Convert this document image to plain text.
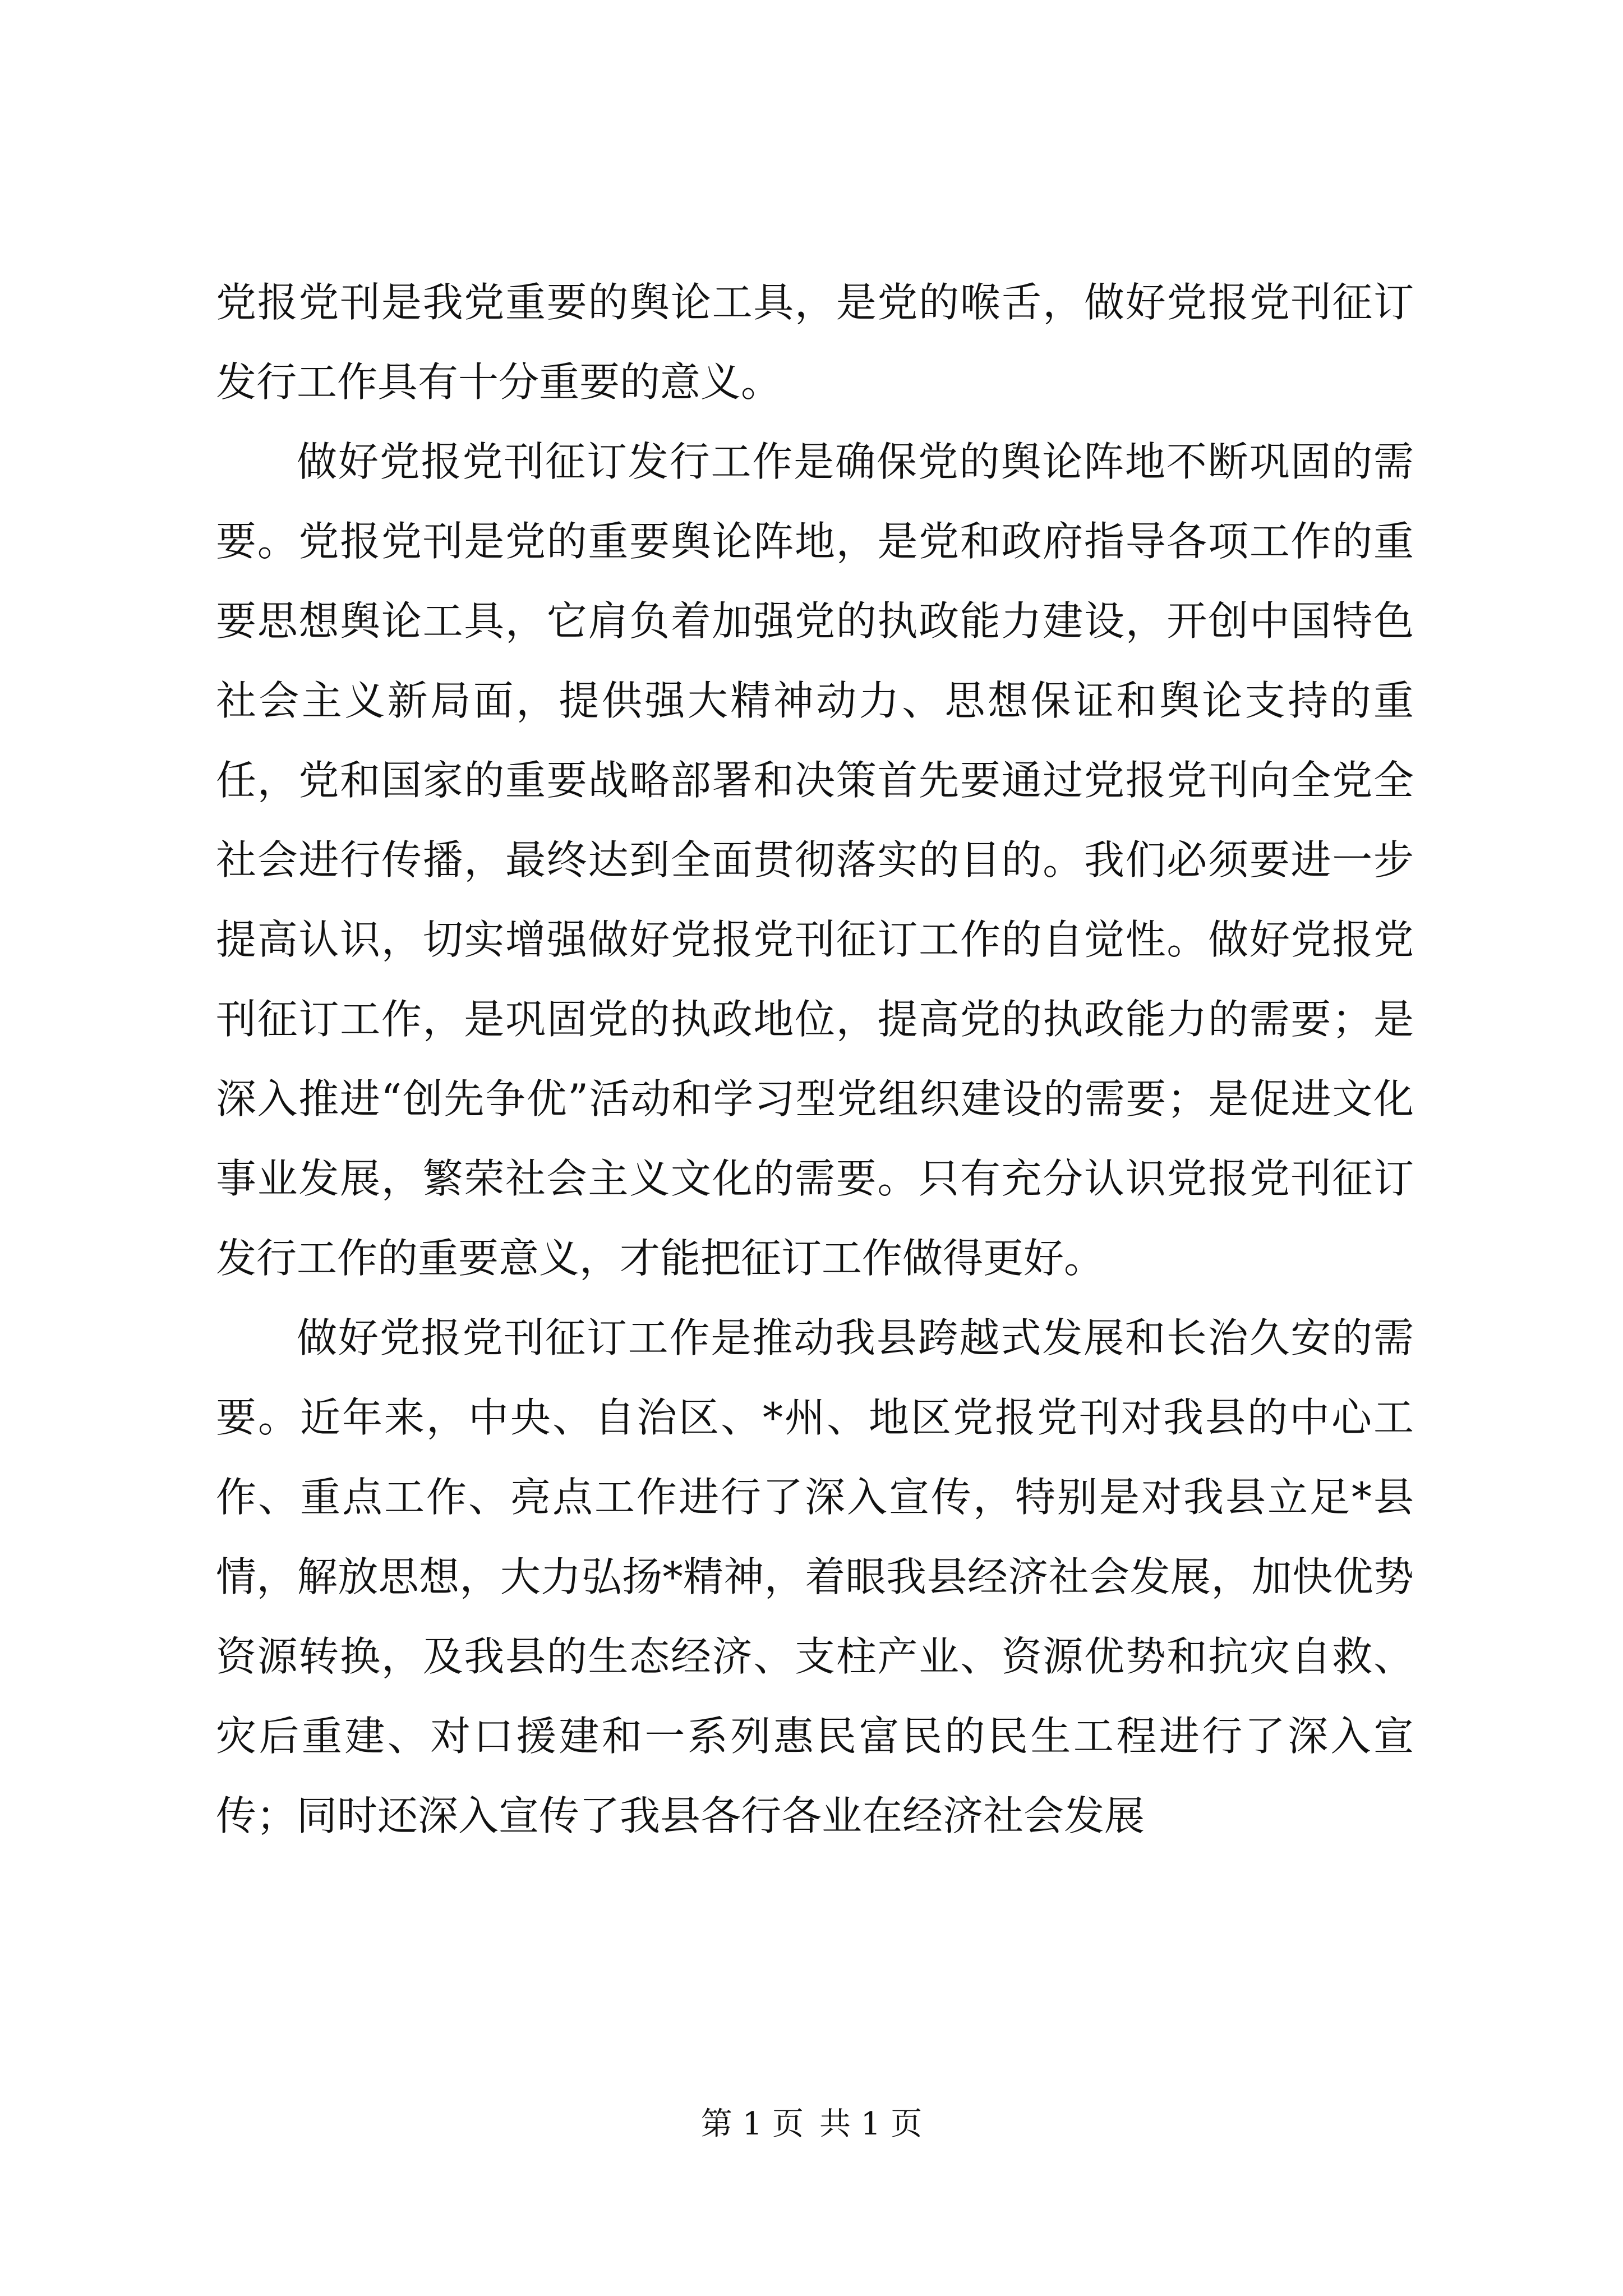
党报党刊是我党重要的舆论工具，是党的喉舌，做好党报党刊征订发行工作具有十分重要的意义。

做好党报党刊征订发行工作是确保党的舆论阵地不断巩固的需要。党报党刊是党的重要舆论阵地，是党和政府指导各项工作的重要思想舆论工具，它肩负着加强党的执政能力建设，开创中国特色社会主义新局面，提供强大精神动力、思想保证和舆论支持的重任，党和国家的重要战略部署和决策首先要通过党报党刊向全党全社会进行传播，最终达到全面贯彻落实的目的。我们必须要进一步提高认识，切实增强做好党报党刊征订工作的自觉性。做好党报党刊征订工作，是巩固党的执政地位，提高党的执政能力的需要；是深入推进“创先争优”活动和学习型党组织建设的需要；是促进文化事业发展，繁荣社会主义文化的需要。只有充分认识党报党刊征订发行工作的重要意义，才能把征订工作做得更好。

做好党报党刊征订工作是推动我县跨越式发展和长治久安的需要。近年来，中央、自治区、*州、地区党报党刊对我县的中心工作、重点工作、亮点工作进行了深入宣传，特别是对我县立足*县情，解放思想，大力弘扬*精神，着眼我县经济社会发展，加快优势资源转换，及我县的生态经济、支柱产业、资源优势和抗灾自救、灾后重建、对口援建和一系列惠民富民的民生工程进行了深入宣传；同时还深入宣传了我县各行各业在经济社会发展

第 1 页 共 1 页
